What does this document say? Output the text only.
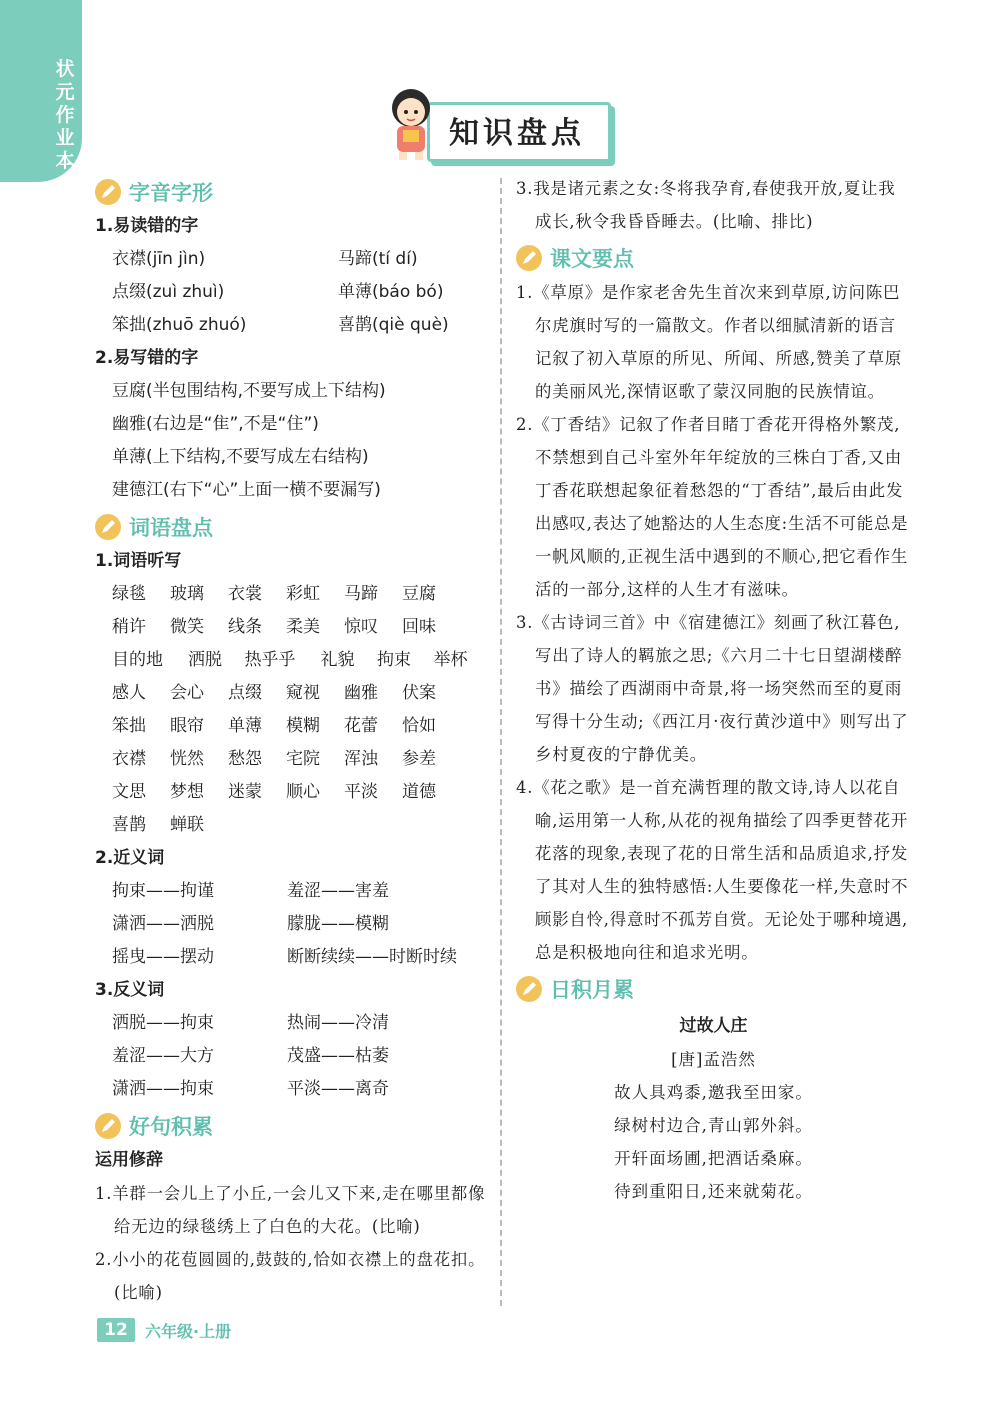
状元作业本
知识盘点
字音字形
1.易读错的字
衣襟(jīn jìn)	马蹄(tí dí)
点缀(zuì zhuì)	单薄(báo bó)
笨拙(zhuō zhuó)	喜鹊(qiè què)
2.易写错的字
豆腐(半包围结构,不要写成上下结构)
幽雅(右边是“隹”,不是“住”)
单薄(上下结构,不要写成左右结构)
建德江(右下“心”上面一横不要漏写)
词语盘点
1.词语听写
绿毯	玻璃	衣裳	彩虹	马蹄	豆腐
稍许	微笑	线条	柔美	惊叹	回味
目的地	洒脱	热乎乎	礼貌	拘束	举杯
感人	会心	点缀	窥视	幽雅	伏案
笨拙	眼帘	单薄	模糊	花蕾	恰如
衣襟	恍然	愁怨	宅院	浑浊	参差
文思	梦想	迷蒙	顺心	平淡	道德
喜鹊	蝉联
2.近义词
拘束——拘谨	羞涩——害羞
潇洒——洒脱	朦胧——模糊
摇曳——摆动	断断续续——时断时续
3.反义词
洒脱——拘束	热闹——冷清
羞涩——大方	茂盛——枯萎
潇洒——拘束	平淡——离奇
好句积累
运用修辞
1.羊群一会儿上了小丘,一会儿又下来,走在哪里都像给无边的绿毯绣上了白色的大花。(比喻)
2.小小的花苞圆圆的,鼓鼓的,恰如衣襟上的盘花扣。(比喻)
3.我是诸元素之女:冬将我孕育,春使我开放,夏让我成长,秋令我昏昏睡去。(比喻、排比)
课文要点
1.《草原》是作家老舍先生首次来到草原,访问陈巴尔虎旗时写的一篇散文。作者以细腻清新的语言记叙了初入草原的所见、所闻、所感,赞美了草原的美丽风光,深情讴歌了蒙汉同胞的民族情谊。
2.《丁香结》记叙了作者目睹丁香花开得格外繁茂,不禁想到自己斗室外年年绽放的三株白丁香,又由丁香花联想起象征着愁怨的“丁香结”,最后由此发出感叹,表达了她豁达的人生态度:生活不可能总是一帆风顺的,正视生活中遇到的不顺心,把它看作生活的一部分,这样的人生才有滋味。
3.《古诗词三首》中《宿建德江》刻画了秋江暮色,写出了诗人的羁旅之思;《六月二十七日望湖楼醉书》描绘了西湖雨中奇景,将一场突然而至的夏雨写得十分生动;《西江月·夜行黄沙道中》则写出了乡村夏夜的宁静优美。
4.《花之歌》是一首充满哲理的散文诗,诗人以花自喻,运用第一人称,从花的视角描绘了四季更替花开花落的现象,表现了花的日常生活和品质追求,抒发了其对人生的独特感悟:人生要像花一样,失意时不顾影自怜,得意时不孤芳自赏。无论处于哪种境遇,总是积极地向往和追求光明。
日积月累
过故人庄
[唐]孟浩然
故人具鸡黍,邀我至田家。
绿树村边合,青山郭外斜。
开轩面场圃,把酒话桑麻。
待到重阳日,还来就菊花。
12	六年级·上册
